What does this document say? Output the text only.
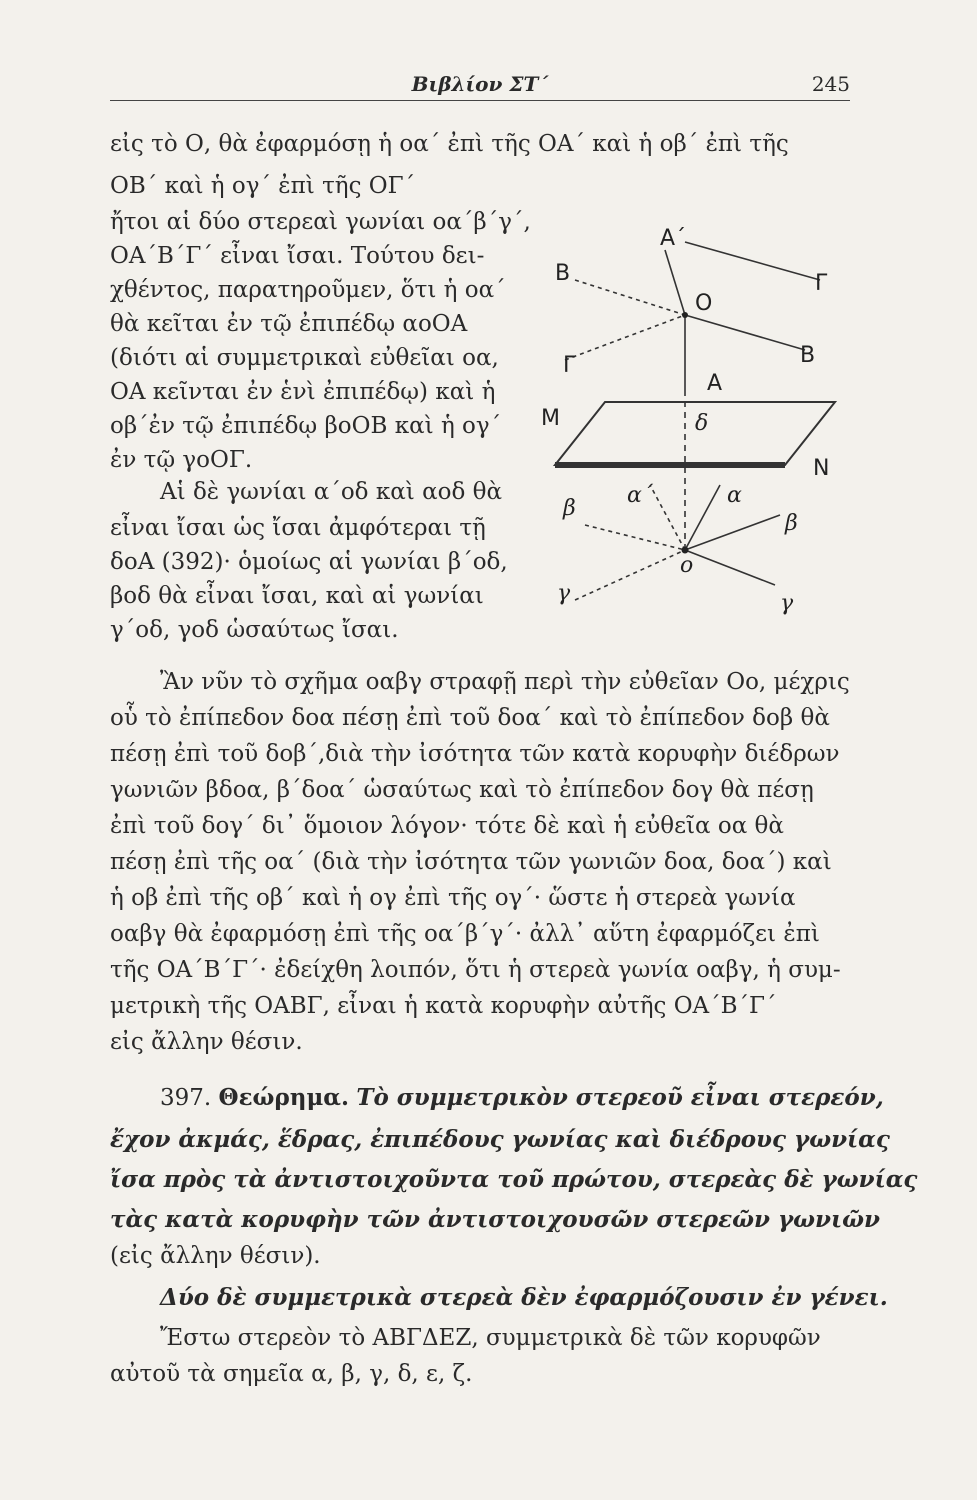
Βιβλίον ΣΤ΄	245
εἰς τὸ Ο, θὰ ἐφαρμόσῃ ἡ οα΄ ἐπὶ τῆς ΟΑ΄ καὶ ἡ οβ΄ ἐπὶ τῆς
ΟΒ΄ καὶ ἡ ογ΄ ἐπὶ τῆς ΟΓ΄
ἤτοι αἱ δύο στερεαὶ γωνίαι οα΄β΄γ΄,
ΟΑ΄Β΄Γ΄ εἶναι ἴσαι. Τούτου δει-
χθέντος, παρατηροῦμεν, ὅτι ἡ οα΄
θὰ κεῖται ἐν τῷ ἐπιπέδῳ αοΟΑ
(διότι αἱ συμμετρικαὶ εὐθεῖαι οα,
ΟΑ κεῖνται ἐν ἑνὶ ἐπιπέδῳ) καὶ ἡ
οβ΄ἐν τῷ ἐπιπέδῳ βοΟΒ καὶ ἡ ογ΄
ἐν τῷ γοΟΓ.
Αἱ δὲ γωνίαι α΄οδ καὶ αοδ θὰ
εἶναι ἴσαι ὡς ἴσαι ἀμφότεραι τῇ
δοΑ (392)· ὁμοίως αἱ γωνίαι β΄οδ,
βοδ θὰ εἶναι ἴσαι, καὶ αἱ γωνίαι
γ΄οδ, γοδ ὡσαύτως ἴσαι.
Ἂν νῦν τὸ σχῆμα οαβγ στραφῇ περὶ τὴν εὐθεῖαν Οο, μέχρις
οὗ τὸ ἐπίπεδον δοα πέσῃ ἐπὶ τοῦ δοα΄ καὶ τὸ ἐπίπεδον δοβ θὰ
πέσῃ ἐπὶ τοῦ δοβ΄,διὰ τὴν ἰσότητα τῶν κατὰ κορυφὴν διέδρων
γωνιῶν βδοα, β΄δοα΄ ὡσαύτως καὶ τὸ ἐπίπεδον δογ θὰ πέσῃ
ἐπὶ τοῦ δογ΄ δι᾽ ὅμοιον λόγον· τότε δὲ καὶ ἡ εὐθεῖα οα θὰ
πέσῃ ἐπὶ τῆς οα΄ (διὰ τὴν ἰσότητα τῶν γωνιῶν δοα, δοα΄) καὶ
ἡ οβ ἐπὶ τῆς οβ΄ καὶ ἡ ογ ἐπὶ τῆς ογ΄· ὥστε ἡ στερεὰ γωνία
οαβγ θὰ ἐφαρμόσῃ ἐπὶ τῆς οα΄β΄γ΄· ἀλλ᾽ αὕτη ἐφαρμόζει ἐπὶ
τῆς ΟΑ΄Β΄Γ΄· ἐδείχθη λοιπόν, ὅτι ἡ στερεὰ γωνία οαβγ, ἡ συμ-
μετρικὴ τῆς ΟΑΒΓ, εἶναι ἡ κατὰ κορυφὴν αὐτῆς ΟΑ΄Β΄Γ΄
εἰς ἄλλην θέσιν.
397. Θεώρημα. Τὸ συμμετρικὸν στερεοῦ εἶναι στερεόν,
ἔχον ἀκμάς, ἕδρας, ἐπιπέδους γωνίας καὶ διέδρους γωνίας
ἴσα πρὸς τὰ ἀντιστοιχοῦντα τοῦ πρώτου, στερεὰς δὲ γωνίας
τὰς κατὰ κορυφὴν τῶν ἀντιστοιχουσῶν στερεῶν γωνιῶν
(εἰς ἄλλην θέσιν).
Δύο δὲ συμμετρικὰ στερεὰ δὲν ἐφαρμόζουσιν ἐν γένει.
Ἔστω στερεὸν τὸ ΑΒΓΔΕΖ, συμμετρικὰ δὲ τῶν κορυφῶν
αὐτοῦ τὰ σημεῖα α, β, γ, δ, ε, ζ.
A΄
B
O
Γ
Γ	B
A
δ
M
N
α΄	α
β
β
o
γ	γ
